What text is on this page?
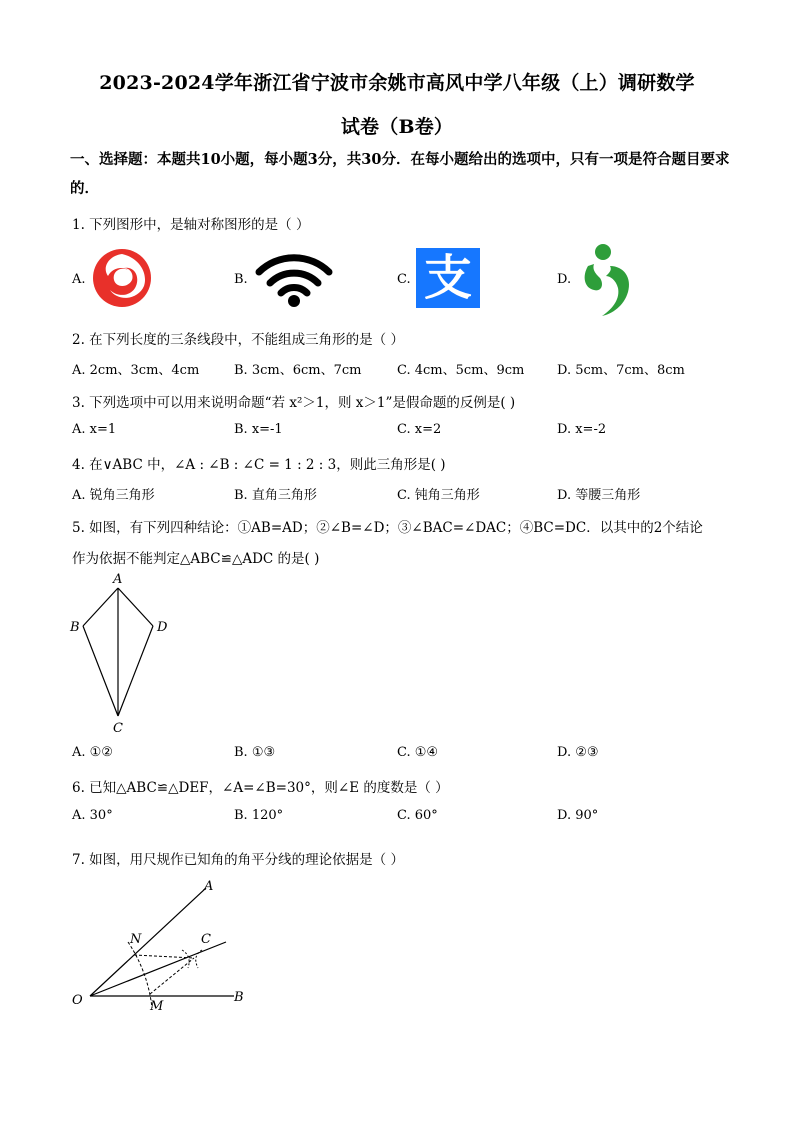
2023-2024学年浙江省宁波市余姚市高风中学八年级（上）调研数学
试卷（B卷）
一、选择题：本题共10小题，每小题3分，共30分．在每小题给出的选项中，只有一项是符合题目要求的．
1. 下列图形中，是轴对称图形的是（ ）
A.	B.	C.	D.
支
2. 在下列长度的三条线段中，不能组成三角形的是（ ）
A. 2cm、3cm、4cm	B. 3cm、6cm、7cm	C. 4cm、5cm、9cm	D. 5cm、7cm、8cm
3. 下列选项中可以用来说明命题“若 x²＞1，则 x＞1”是假命题的反例是( )
A. x=1	B. x=-1	C. x=2	D. x=-2
4. 在∨ABC 中，∠A : ∠B : ∠C = 1 : 2 : 3，则此三角形是( )
A. 锐角三角形	B. 直角三角形	C. 钝角三角形	D. 等腰三角形
5. 如图，有下列四种结论：①AB=AD；②∠B=∠D；③∠BAC=∠DAC；④BC=DC．以其中的2个结论
作为依据不能判定△ABC≌△ADC 的是( )
A
B
C
D
A. ①②	B. ①③	C. ①④	D. ②③
6. 已知△ABC≌△DEF，∠A=∠B=30°，则∠E 的度数是（ ）
A. 30°	B. 120°	C. 60°	D. 90°
7. 如图，用尺规作已知角的角平分线的理论依据是（ ）
A
N	C
O	M
B
